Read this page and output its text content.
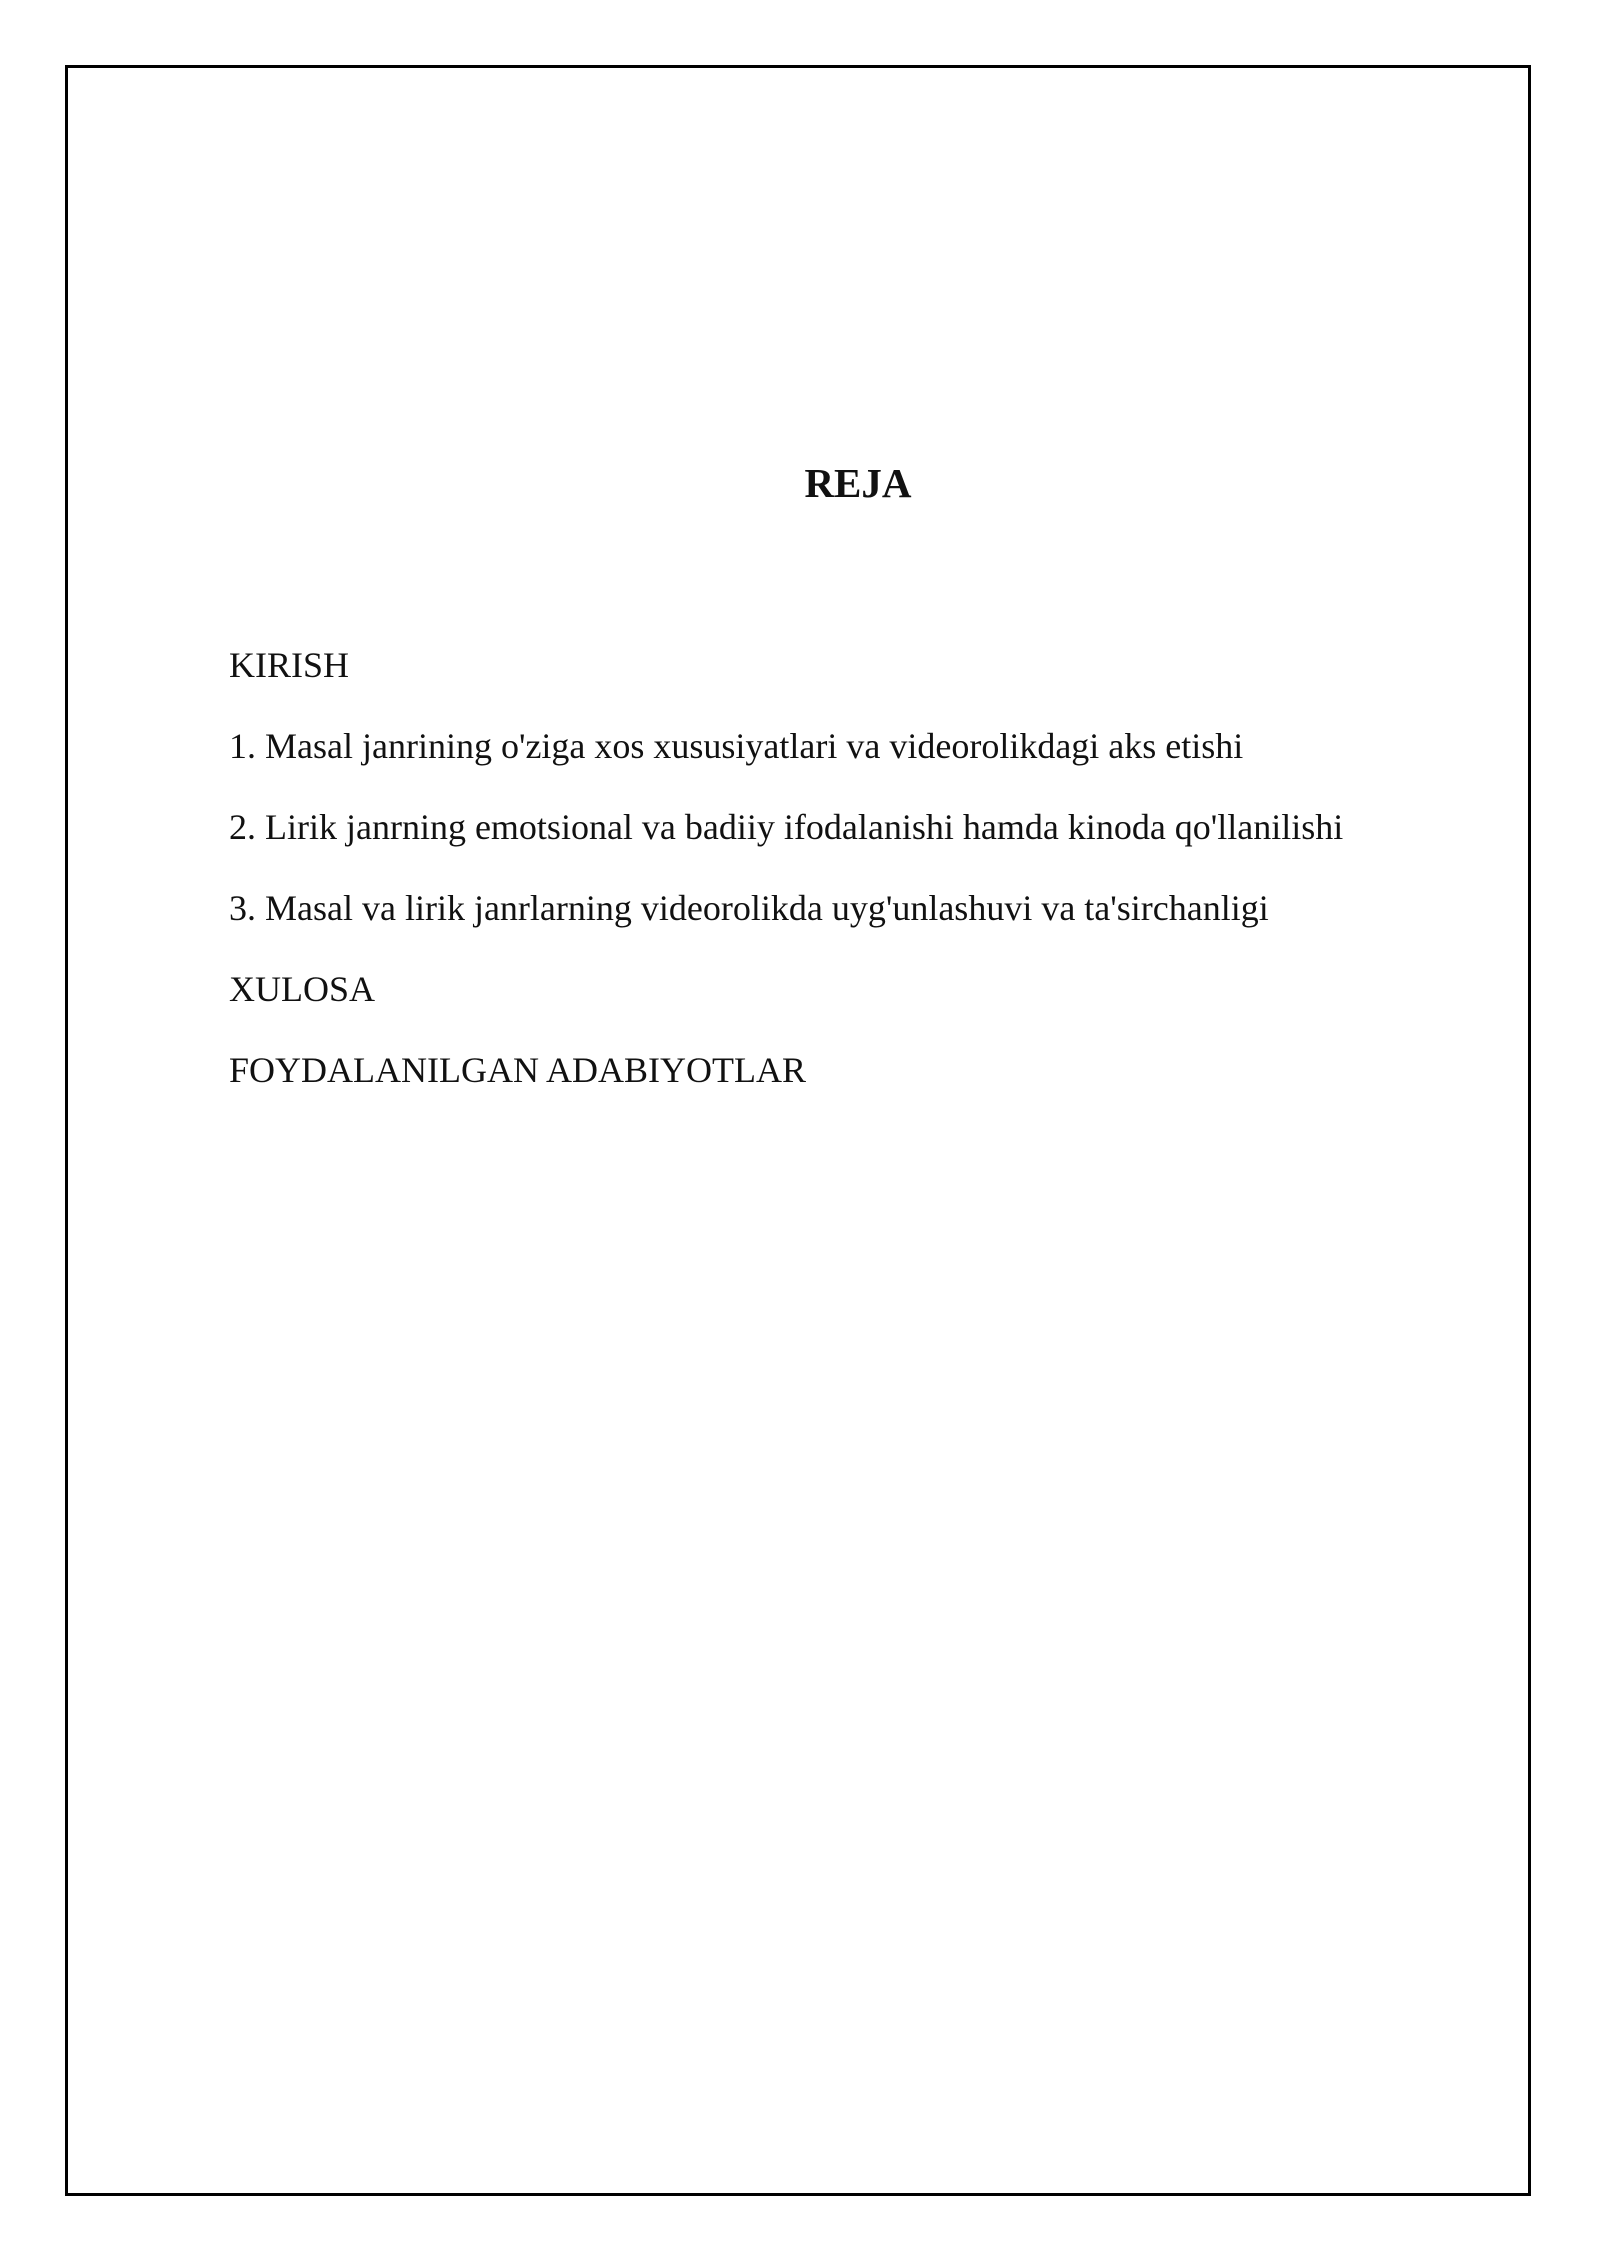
REJA
KIRISH
1. Masal janrining o'ziga xos xususiyatlari va videorolikdagi aks etishi
2. Lirik janrning emotsional va badiiy ifodalanishi hamda kinoda qo'llanilishi
3. Masal va lirik janrlarning videorolikda uyg'unlashuvi va ta'sirchanligi
XULOSA
FOYDALANILGAN ADABIYOTLAR
